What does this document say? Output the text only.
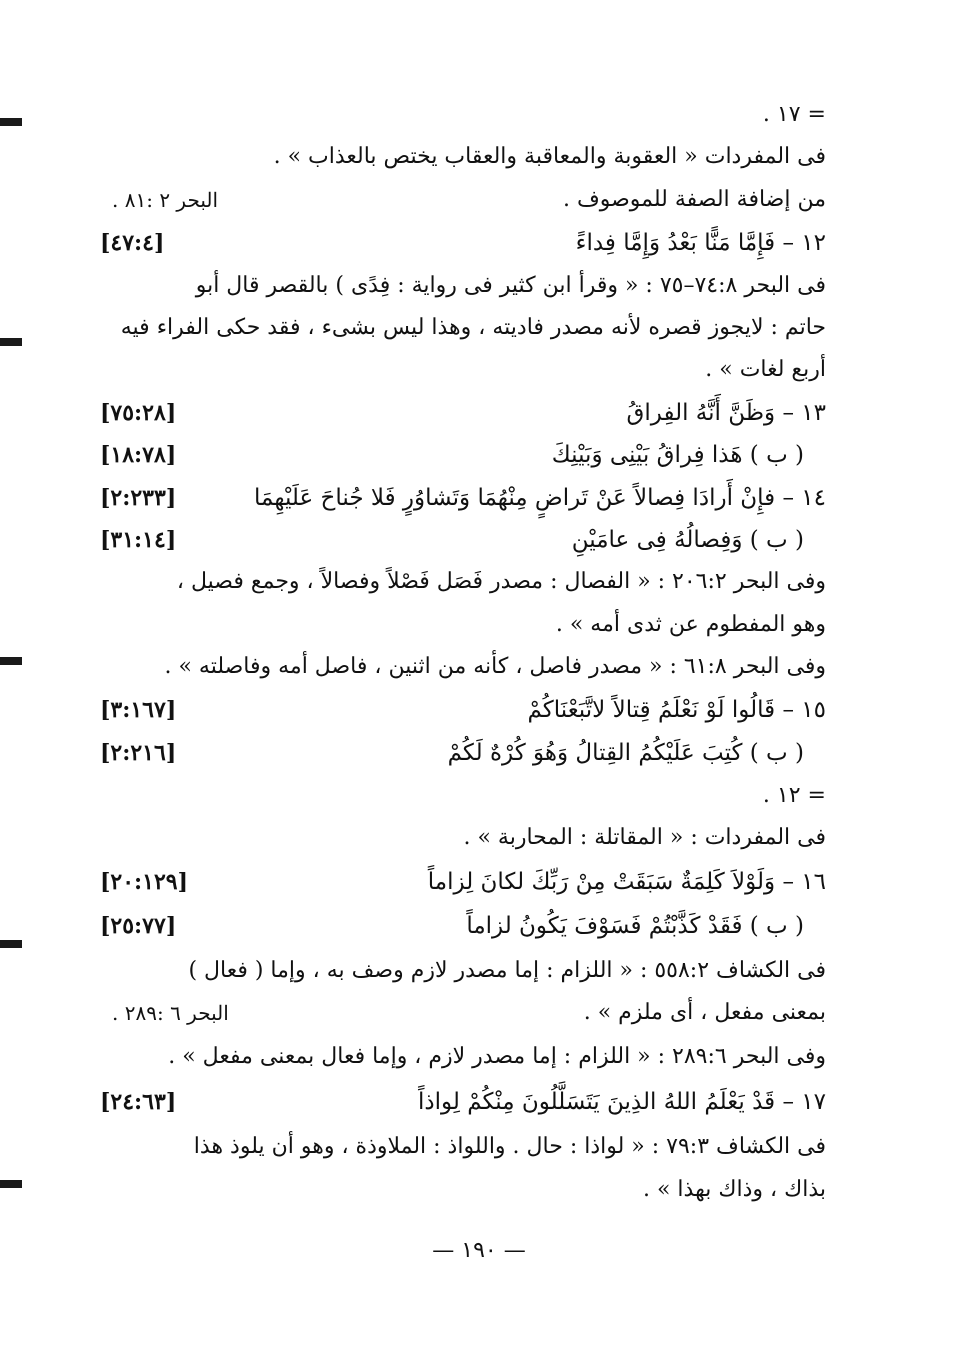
= ١٧ .
فى المفردات « العقوبة والمعاقبة والعقاب يختص بالعذاب » .
من إضافة الصفة للموصوف .
البحر ٢ :٨١ .
١٢ – فَإِمَّا مَنًّا بَعْدُ وَإِمَّا فِداءً
[٤٧:٤]
فى البحر ٧٤:٨–٧٥ : « وقرأ ابن كثير فى رواية : فِدًى ) بالقصر قال أبو
حاتم : لايجوز قصره لأنه مصدر فاديته ، وهذا ليس بشىء ، فقد حكى الفراء فيه
أربع لغات » .
١٣ – وَظَنَّ أَنَّهُ الفِراقُ
[٧٥:٢٨]
( ب ) هَذا فِراقُ بَيْنِى وَبَيْنِكَ
[١٨:٧٨]
١٤ – فإِنْ أَرادَا فِصالاً عَنْ تَراضٍ مِنْهُمَا وَتَشاوُرٍ فَلا جُناحَ عَلَيْهِمَا
[٢:٢٣٣]
( ب ) وَفِصالُهُ فِى عامَيْنِ
[٣١:١٤]
وفى البحر ٢٠٦:٢ : « الفصال : مصدر فَصَل فَصْلاً وفصالاً ، وجمع فصيل ،
وهو المفطوم عن ثدى أمه » .
وفى البحر ٦١:٨ : « مصدر فاصل ، كأنه من اثنين ، فاصل أمه وفاصلته » .
١٥ – قَالُوا لَوْ نَعْلَمُ قِتالاً لاتَّبَعْنَاكُمْ
[٣:١٦٧]
( ب ) كُتِبَ عَلَيْكُمُ القِتالُ وَهُوَ كُرْهٌ لَكُمْ
[٢:٢١٦]
= ١٢ .
فى المفردات : « المقاتلة : المحاربة » .
١٦ – وَلَوْلاَ كَلِمَةٌ سَبَقَتْ مِنْ رَبِّكَ لكانَ لِزاماً
[٢٠:١٢٩]
( ب ) فَقَدْ كَذَّبْتُمْ فَسَوْفَ يَكُونُ لزاماً
[٢٥:٧٧]
فى الكشاف ٥٥٨:٢ : « اللزام : إما مصدر لازم وصف به ، وإما ( فعال )
بمعنى مفعل ، أى ملزم » .
البحر ٦ :٢٨٩ .
وفى البحر ٢٨٩:٦ : « اللزام : إما مصدر لازم ، وإما فعال بمعنى مفعل » .
١٧ – قَدْ يَعْلَمُ اللهُ الذِينَ يَتَسَلَّلُونَ مِنْكُمْ لِواذاً
[٢٤:٦٣]
فى الكشاف ٧٩:٣ : « لواذا : حال . واللواذ : الملاوذة ، وهو أن يلوذ هذا
بذاك ، وذاك بهذا » .
— ١٩٠ —
